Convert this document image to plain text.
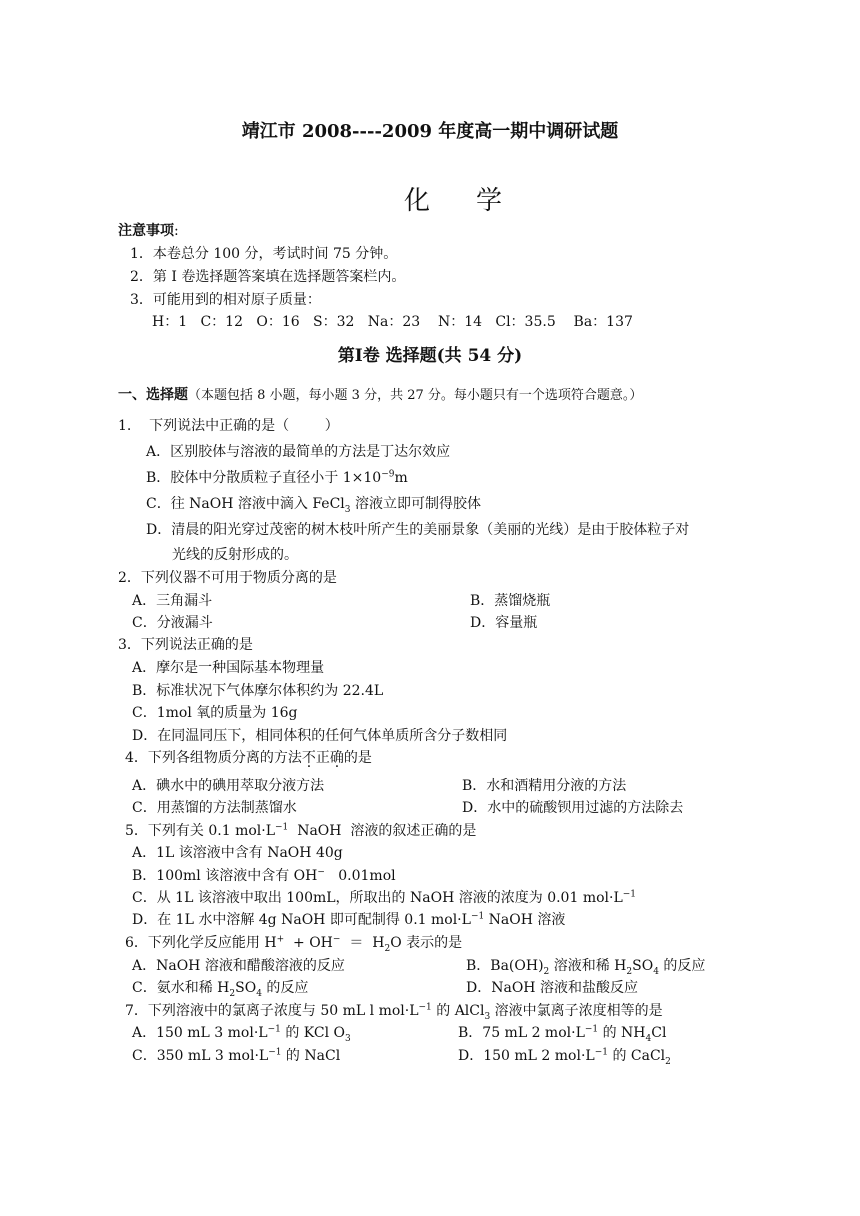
靖江市 2008----2009 年度高一期中调研试题
化学
注意事项:
1．本卷总分 100 分，考试时间 75 分钟。
2．第 I 卷选择题答案填在选择题答案栏内。
3．可能用到的相对原子质量：
H：1   C：12   O：16   S：32   Na：23    N：14   Cl：35.5    Ba：137
第Ⅰ卷 选择题(共 54 分)
一、选择题（本题包括 8 小题，每小题 3 分，共 27 分。每小题只有一个选项符合题意。）
1.    下列说法中正确的是（        ）
A．区别胶体与溶液的最简单的方法是丁达尔效应
B．胶体中分散质粒子直径小于 $1\times 10^{-9}m$
C．往 NaOH 溶液中滴入 FeCl$_3$ 溶液立即可制得胶体
D．清晨的阳光穿过茂密的树木枝叶所产生的美丽景象（美丽的光线）是由于胶体粒子对
光线的反射形成的。
2．下列仪器不可用于物质分离的是
A．三角漏斗	B．蒸馏烧瓶
C．分液漏斗	D．容量瓶
3．下列说法正确的是
A．摩尔是一种国际基本物理量
B．标准状况下气体摩尔体积约为 22.4L
C．1mol 氧的质量为 16g
D．在同温同压下，相同体积的任何气体单质所含分子数相同
4．下列各组物质分离的方法不正确的是
A．碘水中的碘用萃取分液方法	B．水和酒精用分液的方法
C．用蒸馏的方法制蒸馏水	D．水中的硫酸钡用过滤的方法除去
5．下列有关 0.1 $mol\cdot L^{-1}$  NaOH  溶液的叙述正确的是
A．1L 该溶液中含有 NaOH 40g
B．100ml 该溶液中含有 OH−   0.01mol
C．从 1L 该溶液中取出 100mL，所取出的 NaOH 溶液的浓度为 0.01 $mol\cdot L^{-1}$
D．在 1L 水中溶解 4g NaOH 即可配制得 0.1 $mol\cdot L^{-1}$ NaOH 溶液
6．下列化学反应能用 $H^+ + OH^- = H_2O$ 表示的是
A．NaOH 溶液和醋酸溶液的反应	B．$Ba(OH)_2$ 溶液和稀 $H_2SO_4$ 的反应
C．氨水和稀 $H_2SO_4$ 的反应	D．NaOH 溶液和盐酸反应
7．下列溶液中的氯离子浓度与 50 mL l $mol\cdot L^{-1}$ 的 AlCl$_3$ 溶液中氯离子浓度相等的是
A．150 mL 3 $mol\cdot L^{-1}$ 的 KCl $O_3$	B．75 mL 2 $mol\cdot L^{-1}$ 的 $NH_4Cl$
C．350 mL 3 $mol\cdot L^{-1}$ 的 NaCl	D．150 mL 2 $mol\cdot L^{-1}$ 的 CaCl$_2$
